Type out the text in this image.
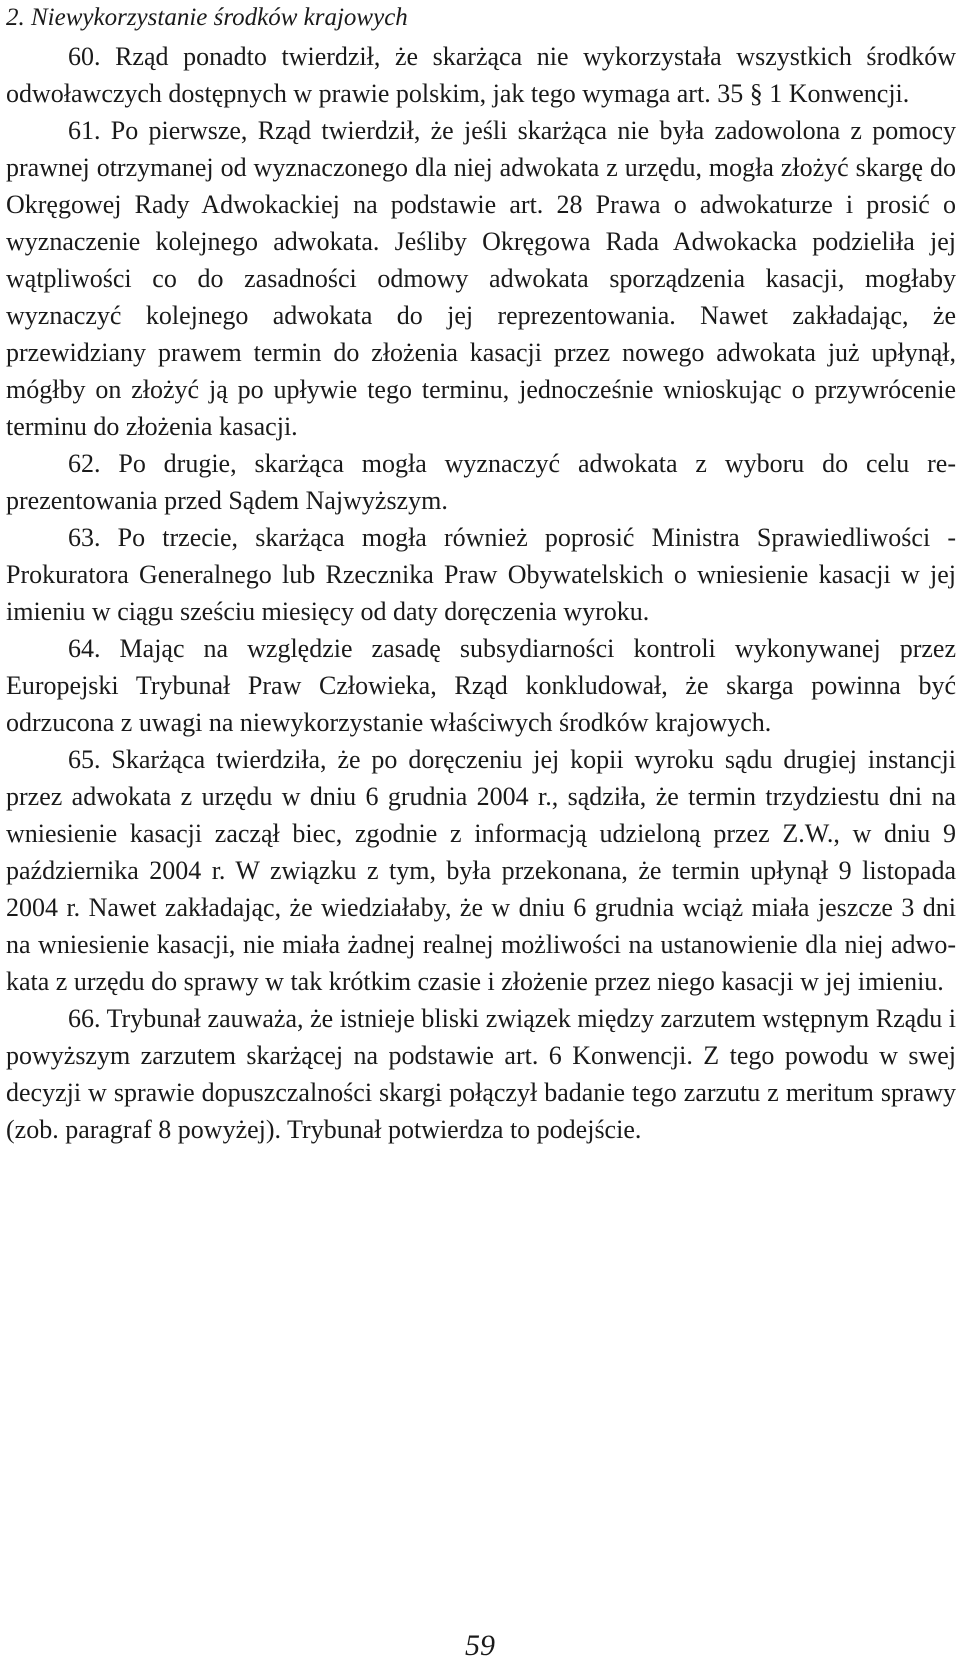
2. Niewykorzystanie środków krajowych

60. Rząd ponadto twierdził, że skarżąca nie wykorzystała wszystkich środków odwoławczych dostępnych w prawie polskim, jak tego wymaga art. 35 § 1 Konwencji.

61. Po pierwsze, Rząd twierdził, że jeśli skarżąca nie była zadowolona z pomocy prawnej otrzymanej od wyznaczonego dla niej adwokata z urzędu, mogła złożyć skargę do Okręgowej Rady Adwokackiej na podstawie art. 28 Prawa o adwokaturze i prosić o wyznaczenie kolejnego adwokata. Jeśliby Okręgowa Rada Adwokacka podzieliła jej wątpliwości co do zasadności odmowy adwokata sporządzenia kasacji, mogłaby wyznaczyć kolejnego adwokata do jej reprezentowania. Nawet zakładając, że przewidziany prawem termin do złożenia kasacji przez nowego adwokata już upłynął, mógłby on złożyć ją po upływie tego terminu, jednocześnie wnioskując o przywrócenie terminu do złożenia kasacji.

62. Po drugie, skarżąca mogła wyznaczyć adwokata z wyboru do celu reprezentowania przed Sądem Najwyższym.

63. Po trzecie, skarżąca mogła również poprosić Ministra Sprawiedliwości - Prokuratora Generalnego lub Rzecznika Praw Obywatelskich o wniesienie kasacji w jej imieniu w ciągu sześciu miesięcy od daty doręczenia wyroku.

64. Mając na względzie zasadę subsydiarności kontroli wykonywanej przez Europejski Trybunał Praw Człowieka, Rząd konkludował, że skarga powinna być odrzucona z uwagi na niewykorzystanie właściwych środków krajowych.

65. Skarżąca twierdziła, że po doręczeniu jej kopii wyroku sądu drugiej instancji przez adwokata z urzędu w dniu 6 grudnia 2004 r., sądziła, że termin trzydziestu dni na wniesienie kasacji zaczął biec, zgodnie z informacją udzieloną przez Z.W., w dniu 9 października 2004 r. W związku z tym, była przekonana, że termin upłynął 9 listopada 2004 r. Nawet zakładając, że wiedziałaby, że w dniu 6 grudnia wciąż miała jeszcze 3 dni na wniesienie kasacji, nie miała żadnej realnej możliwości na ustanowienie dla niej adwokata z urzędu do sprawy w tak krótkim czasie i złożenie przez niego kasacji w jej imieniu.

66. Trybunał zauważa, że istnieje bliski związek między zarzutem wstępnym Rządu i powyższym zarzutem skarżącej na podstawie art. 6 Konwencji. Z tego powodu w swej decyzji w sprawie dopuszczalności skargi połączył badanie tego zarzutu z meritum sprawy (zob. paragraf 8 powyżej). Trybunał potwierdza to podejście.

59
